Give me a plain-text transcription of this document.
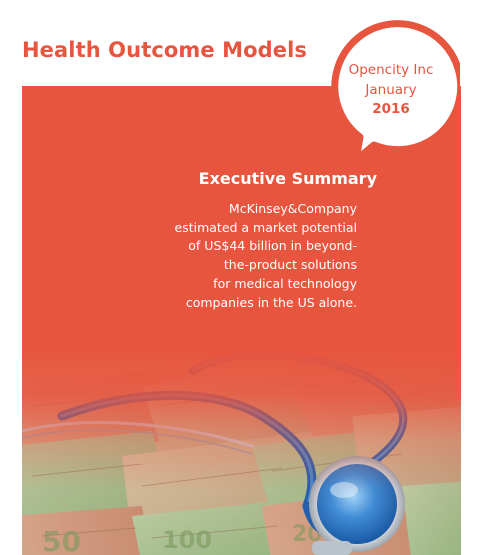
Health Outcome Models
Executive Summary
McKinsey&Company
estimated a market potential
of US$44 billion in beyond-
the-product solutions
for medical technology
companies in the US alone.
Opencity Inc
January
2016
